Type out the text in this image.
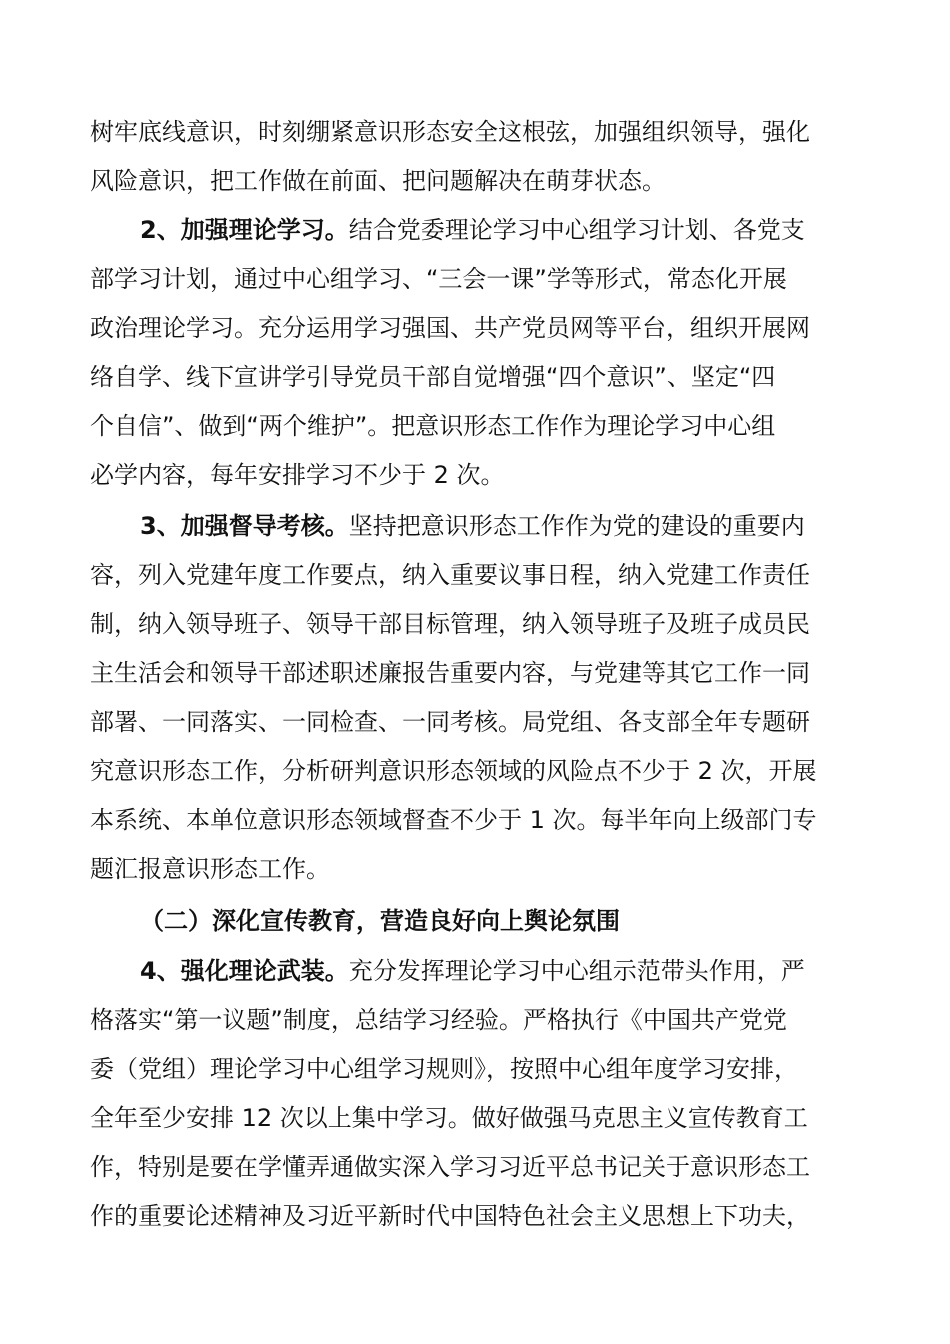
树牢底线意识，时刻绷紧意识形态安全这根弦，加强组织领导，强化
风险意识，把工作做在前面、把问题解决在萌芽状态。
2、加强理论学习。结合党委理论学习中心组学习计划、各党支
部学习计划，通过中心组学习、“三会一课”学等形式，常态化开展
政治理论学习。充分运用学习强国、共产党员网等平台，组织开展网
络自学、线下宣讲学引导党员干部自觉增强“四个意识”、坚定“四
个自信”、做到“两个维护”。把意识形态工作作为理论学习中心组
必学内容，每年安排学习不少于 2 次。
3、加强督导考核。坚持把意识形态工作作为党的建设的重要内
容，列入党建年度工作要点，纳入重要议事日程，纳入党建工作责任
制，纳入领导班子、领导干部目标管理，纳入领导班子及班子成员民
主生活会和领导干部述职述廉报告重要内容，与党建等其它工作一同
部署、一同落实、一同检查、一同考核。局党组、各支部全年专题研
究意识形态工作，分析研判意识形态领域的风险点不少于 2 次，开展
本系统、本单位意识形态领域督查不少于 1 次。每半年向上级部门专
题汇报意识形态工作。
（二）深化宣传教育，营造良好向上舆论氛围
4、强化理论武装。充分发挥理论学习中心组示范带头作用，严
格落实“第一议题”制度，总结学习经验。严格执行《中国共产党党
委（党组）理论学习中心组学习规则》，按照中心组年度学习安排，
全年至少安排 12 次以上集中学习。做好做强马克思主义宣传教育工
作，特别是要在学懂弄通做实深入学习习近平总书记关于意识形态工
作的重要论述精神及习近平新时代中国特色社会主义思想上下功夫，
